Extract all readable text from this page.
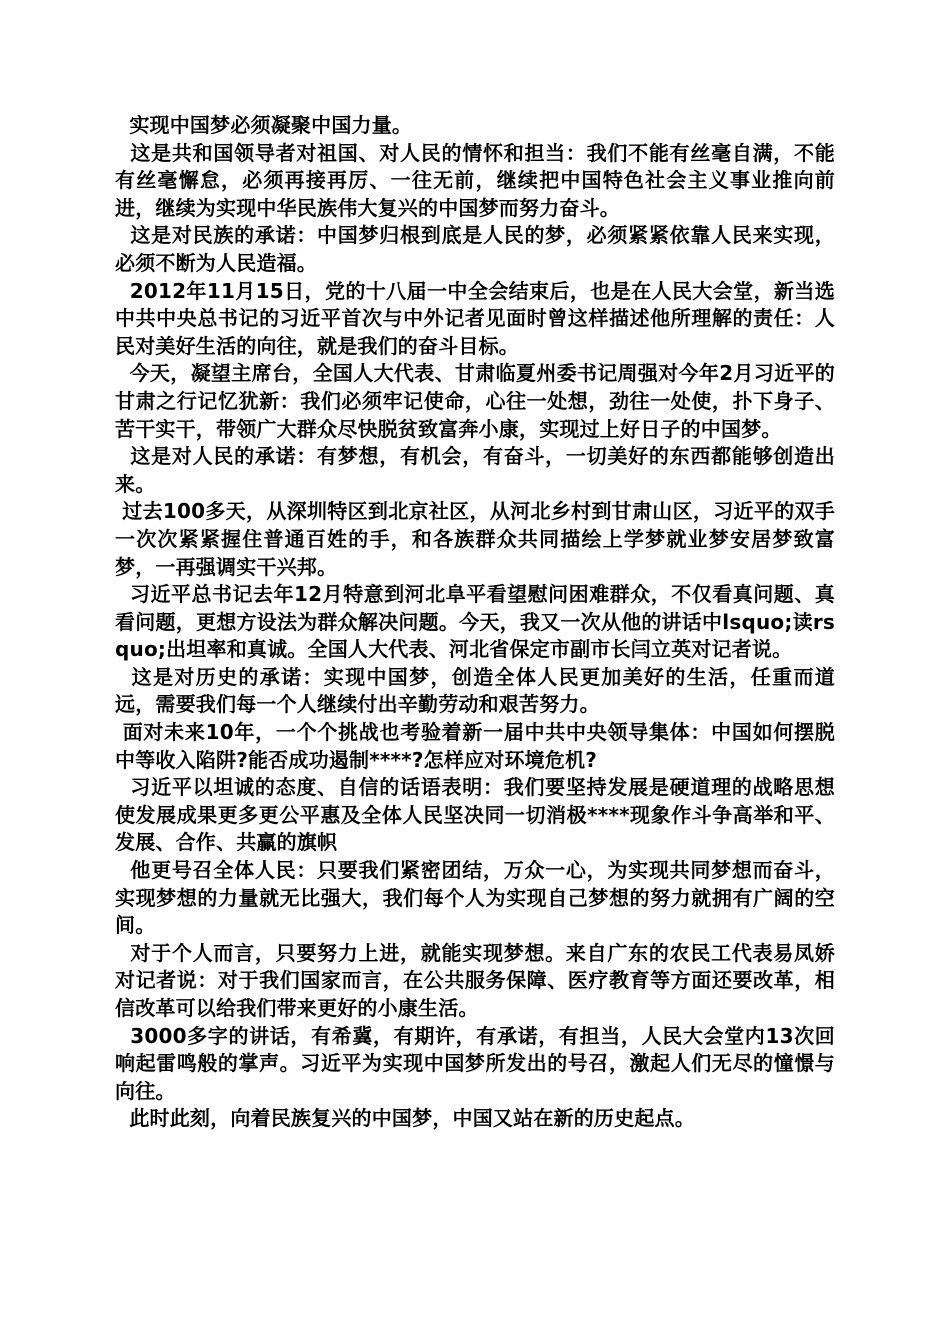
实现中国梦必须凝聚中国力量。

这是共和国领导者对祖国、对人民的情怀和担当：我们不能有丝毫自满，不能有丝毫懈怠，必须再接再厉、一往无前，继续把中国特色社会主义事业推向前进，继续为实现中华民族伟大复兴的中国梦而努力奋斗。

这是对民族的承诺：中国梦归根到底是人民的梦，必须紧紧依靠人民来实现，必须不断为人民造福。

2012年11月15日，党的十八届一中全会结束后，也是在人民大会堂，新当选中共中央总书记的习近平首次与中外记者见面时曾这样描述他所理解的责任：人民对美好生活的向往，就是我们的奋斗目标。

今天，凝望主席台，全国人大代表、甘肃临夏州委书记周强对今年2月习近平的甘肃之行记忆犹新：我们必须牢记使命，心往一处想，劲往一处使，扑下身子、苦干实干，带领广大群众尽快脱贫致富奔小康，实现过上好日子的中国梦。

这是对人民的承诺：有梦想，有机会，有奋斗，一切美好的东西都能够创造出来。

过去100多天，从深圳特区到北京社区，从河北乡村到甘肃山区，习近平的双手一次次紧紧握住普通百姓的手，和各族群众共同描绘上学梦就业梦安居梦致富梦，一再强调实干兴邦。

习近平总书记去年12月特意到河北阜平看望慰问困难群众，不仅看真问题、真看问题，更想方设法为群众解决问题。今天，我又一次从他的讲话中lsquo;读rsquo;出坦率和真诚。全国人大代表、河北省保定市副市长闫立英对记者说。

这是对历史的承诺：实现中国梦，创造全体人民更加美好的生活，任重而道远，需要我们每一个人继续付出辛勤劳动和艰苦努力。

面对未来10年，一个个挑战也考验着新一届中共中央领导集体：中国如何摆脱中等收入陷阱?能否成功遏制****?怎样应对环境危机?

习近平以坦诚的态度、自信的话语表明：我们要坚持发展是硬道理的战略思想使发展成果更多更公平惠及全体人民坚决同一切消极****现象作斗争高举和平、发展、合作、共赢的旗帜

他更号召全体人民：只要我们紧密团结，万众一心，为实现共同梦想而奋斗，实现梦想的力量就无比强大，我们每个人为实现自己梦想的努力就拥有广阔的空间。

对于个人而言，只要努力上进，就能实现梦想。来自广东的农民工代表易凤娇对记者说：对于我们国家而言，在公共服务保障、医疗教育等方面还要改革，相信改革可以给我们带来更好的小康生活。

3000多字的讲话，有希冀，有期许，有承诺，有担当，人民大会堂内13次回响起雷鸣般的掌声。习近平为实现中国梦所发出的号召，激起人们无尽的憧憬与向往。

此时此刻，向着民族复兴的中国梦，中国又站在新的历史起点。
